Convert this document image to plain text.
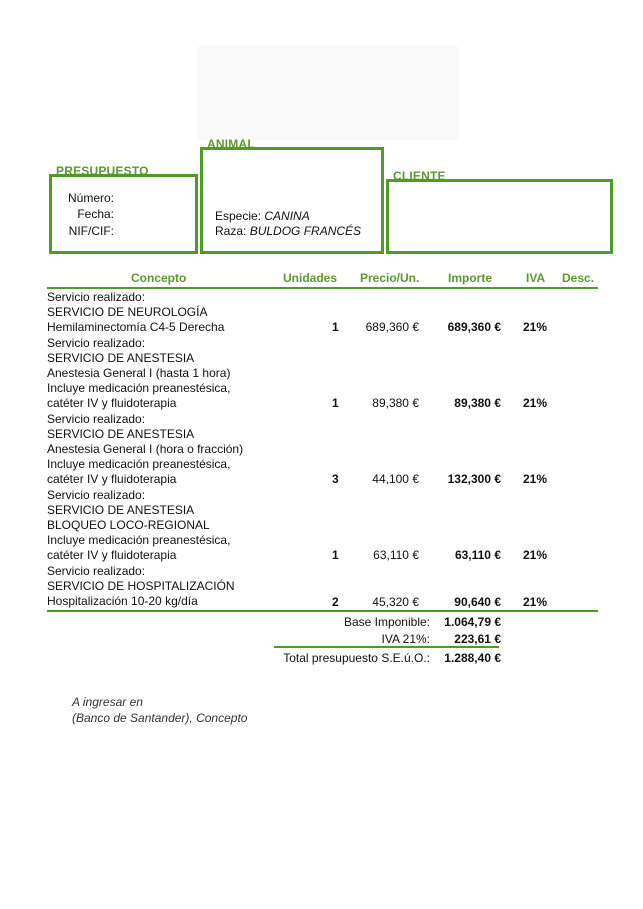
PRESUPUESTO
Número:
Fecha:
NIF/CIF:
ANIMAL
Especie: CANINA
Raza: BULDOG FRANCÉS
CLIENTE
Concepto	Unidades Precio/Un. Importe	IVA Desc.
Servicio realizado:
SERVICIO DE NEUROLOGÍA
Hemilaminectomía C4-5 Derecha	1	689,360 €	689,360 € 21%
Servicio realizado:
SERVICIO DE ANESTESIA
Anestesia General I (hasta 1 hora)
Incluye medicación preanestésica,
catéter IV y fluidoterapia	1	89,380 €	89,380 € 21%
Servicio realizado:
SERVICIO DE ANESTESIA
Anestesia General I (hora o fracción)
Incluye medicación preanestésica,
catéter IV y fluidoterapia	3	44,100 €	132,300 € 21%
Servicio realizado:
SERVICIO DE ANESTESIA
BLOQUEO LOCO-REGIONAL
Incluye medicación preanestésica,
catéter IV y fluidoterapia	1	63,110 €	63,110 € 21%
Servicio realizado:
SERVICIO DE HOSPITALIZACIÓN
Hospitalización 10-20 kg/día	2	45,320 €	90,640 € 21%
Base Imponible:	1.064,79 €
IVA 21%:	223,61 €
Total presupuesto S.E.ú.O.:	1.288,40 €
A ingresar en
(Banco de Santander), Concepto
